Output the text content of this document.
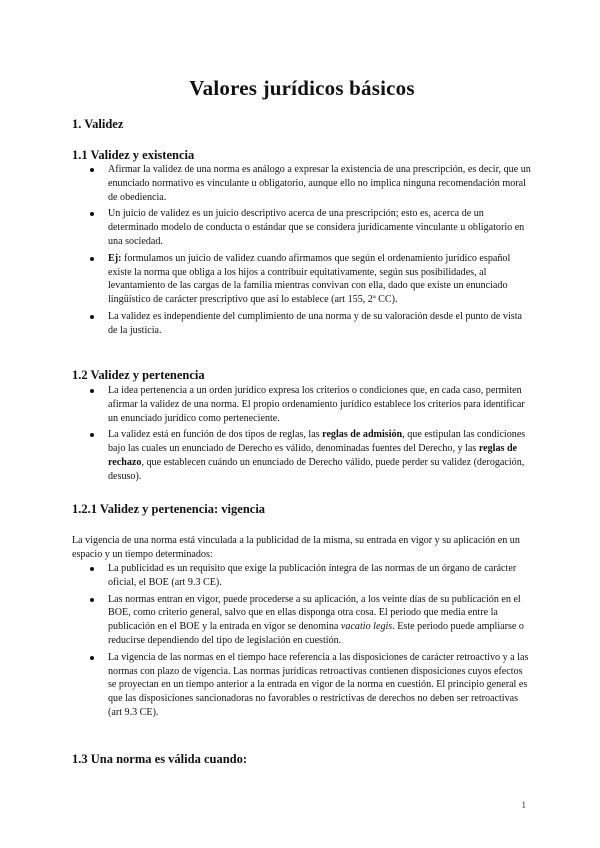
Valores jurídicos básicos
1. Validez
1.1 Validez y existencia
Afirmar la validez de una norma es análogo a expresar la existencia de una prescripción, es decir, que un enunciado normativo es vinculante u obligatorio, aunque ello no implica ninguna recomendación moral de obediencia.
Un juicio de validez es un juicio descriptivo acerca de una prescripción; esto es, acerca de un determinado modelo de conducta o estándar que se considera jurídicamente vinculante u obligatorio en una sociedad.
Ej: formulamos un juicio de validez cuando afirmamos que según el ordenamiento jurídico español existe la norma que obliga a los hijos a contribuir equitativamente, según sus posibilidades, al levantamiento de las cargas de la familia mientras convivan con ella, dado que existe un enunciado lingüístico de carácter prescriptivo que así lo establece (art 155, 2ª CC).
La validez es independiente del cumplimiento de una norma y de su valoración desde el punto de vista de la justicia.
1.2 Validez y pertenencia
La idea pertenencia a un orden jurídico expresa los criterios o condiciones que, en cada caso, permiten afirmar la validez de una norma. El propio ordenamiento jurídico establece los criterios para identificar un enunciado jurídico como perteneciente.
La validez está en función de dos tipos de reglas, las reglas de admisión, que estipulan las condiciones bajo las cuales un enunciado de Derecho es válido, denominadas fuentes del Derecho, y las reglas de rechazo, que establecen cuándo un enunciado de Derecho válido, puede perder su validez (derogación, desuso).
1.2.1 Validez y pertenencia: vigencia

La vigencia de una norma está vinculada a la publicidad de la misma, su entrada en vigor y su aplicación en un espacio y un tiempo determinados:

La publicidad es un requisito que exige la publicación íntegra de las normas de un órgano de carácter oficial, el BOE (art 9.3 CE).
Las normas entran en vigor, puede procederse a su aplicación, a los veinte días de su publicación en el BOE, como criterio general, salvo que en ellas disponga otra cosa. El periodo que media entre la publicación en el BOE y la entrada en vigor se denomina vacatio legis. Este periodo puede ampliarse o reducirse dependiendo del tipo de legislación en cuestión.
La vigencia de las normas en el tiempo hace referencia a las disposiciones de carácter retroactivo y a las normas con plazo de vigencia. Las normas jurídicas retroactivas contienen disposiciones cuyos efectos se proyectan en un tiempo anterior a la entrada en vigor de la norma en cuestión. El principio general es que las disposiciones sancionadoras no favorables o restrictivas de derechos no deben ser retroactivas (art 9.3 CE).
1.3 Una norma es válida cuando:
1
